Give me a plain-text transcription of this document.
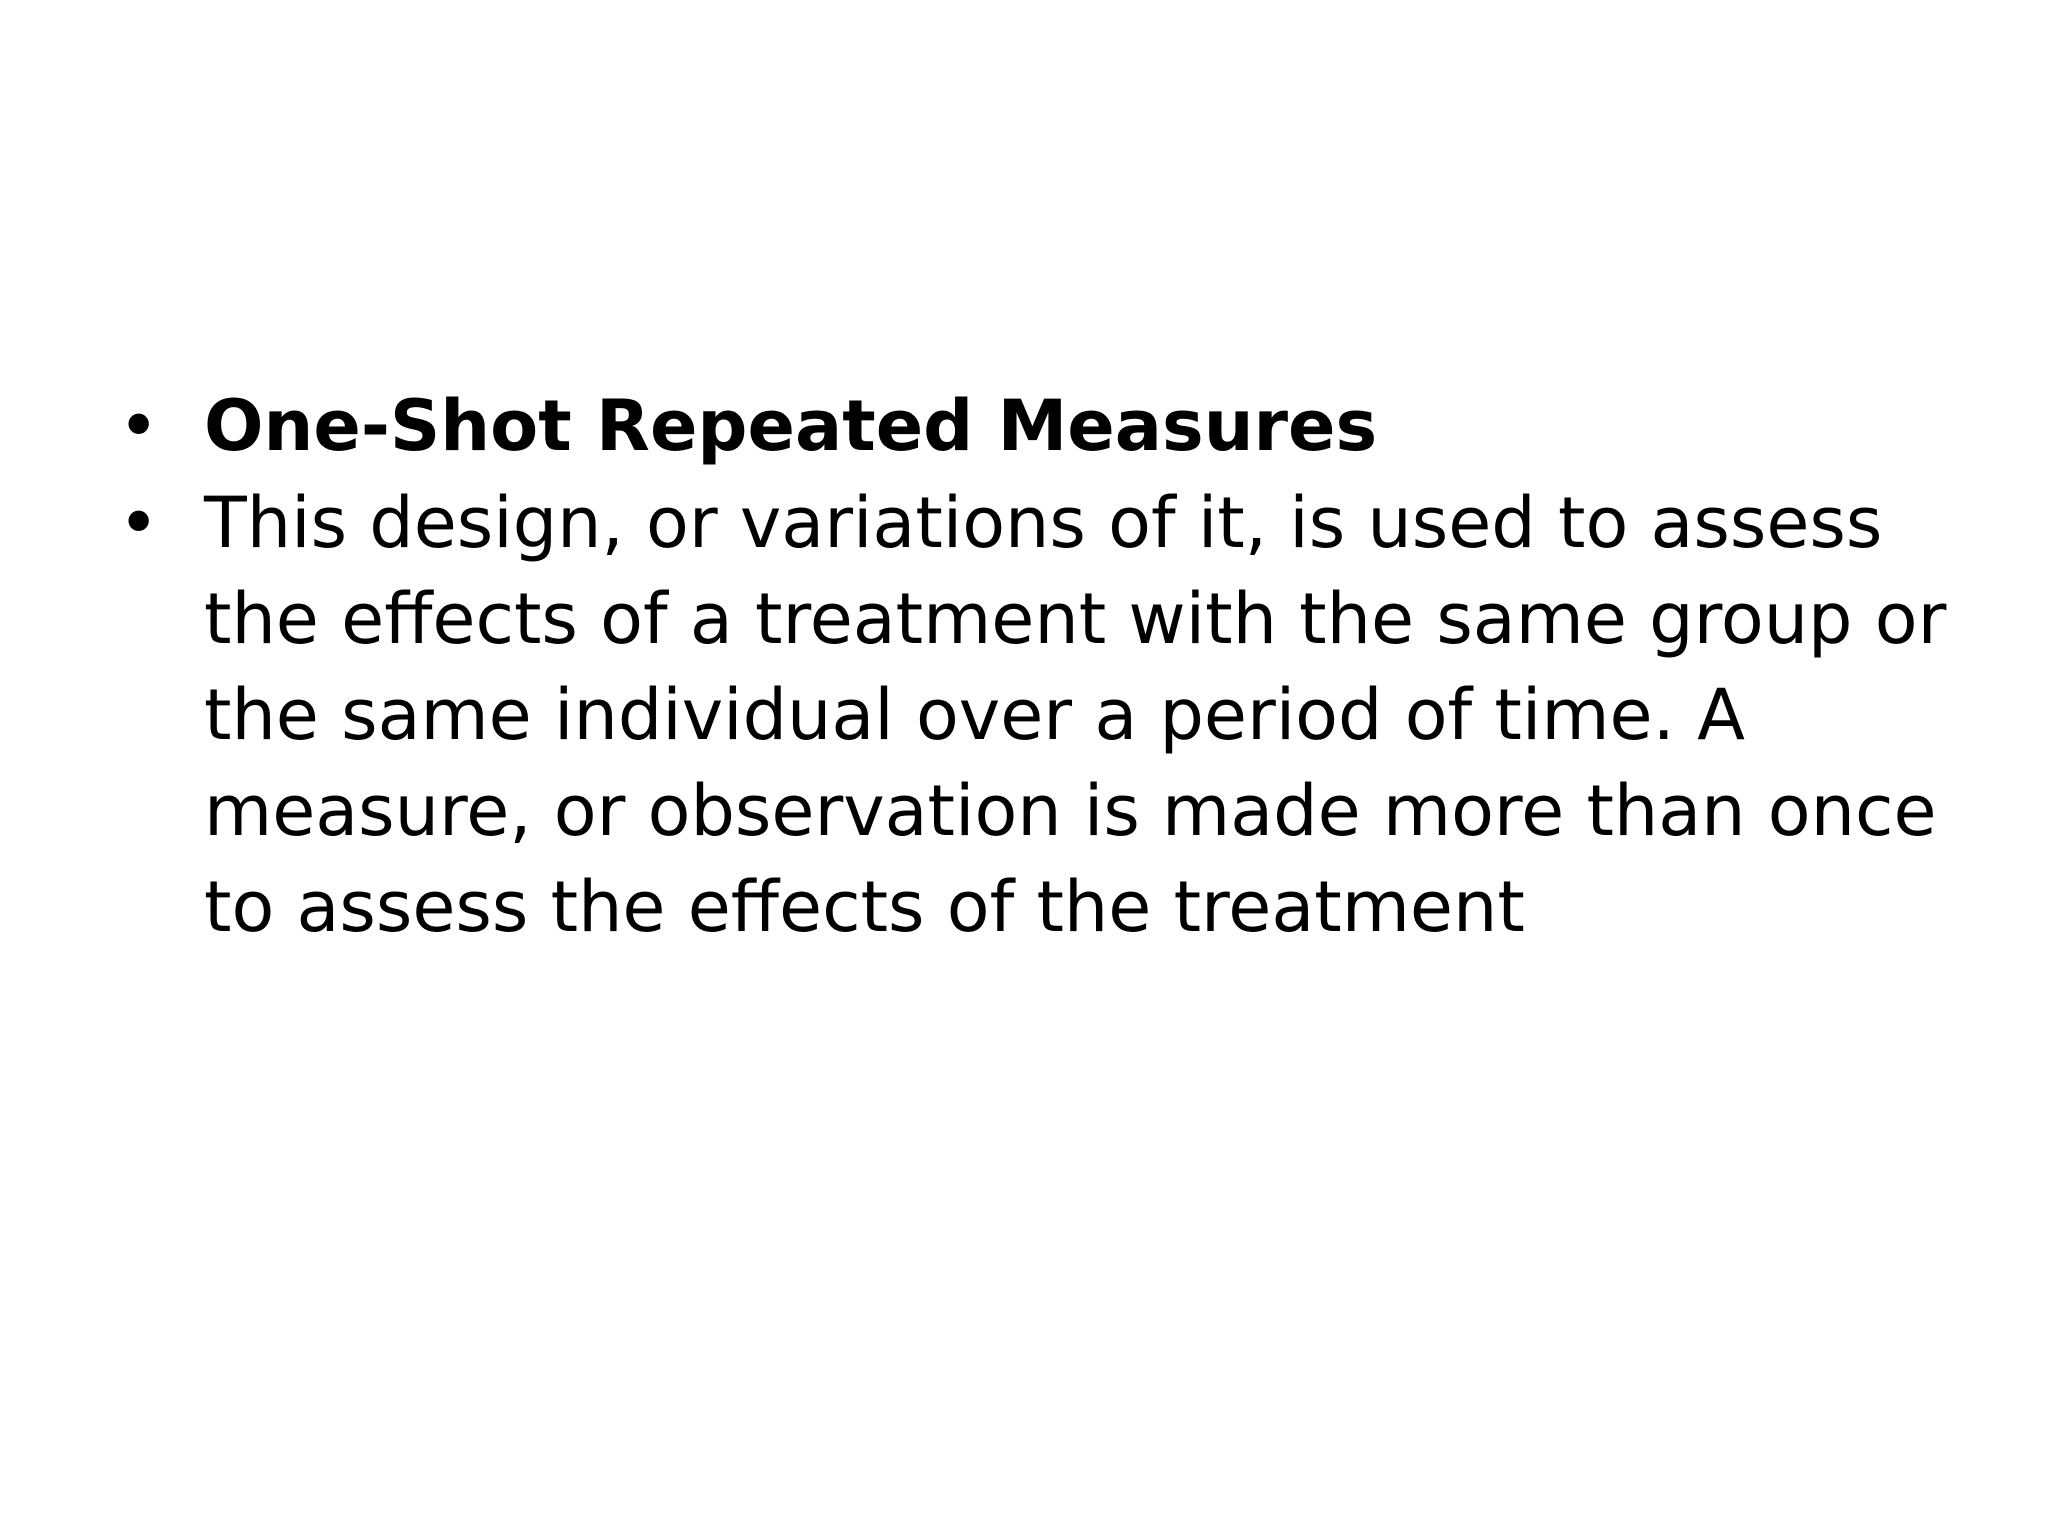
• One-Shot Repeated Measures
• This design, or variations of it, is used to assess the effects of a treatment with the same group or the same individual over a period of time. A measure, or observation is made more than once to assess the effects of the treatment
